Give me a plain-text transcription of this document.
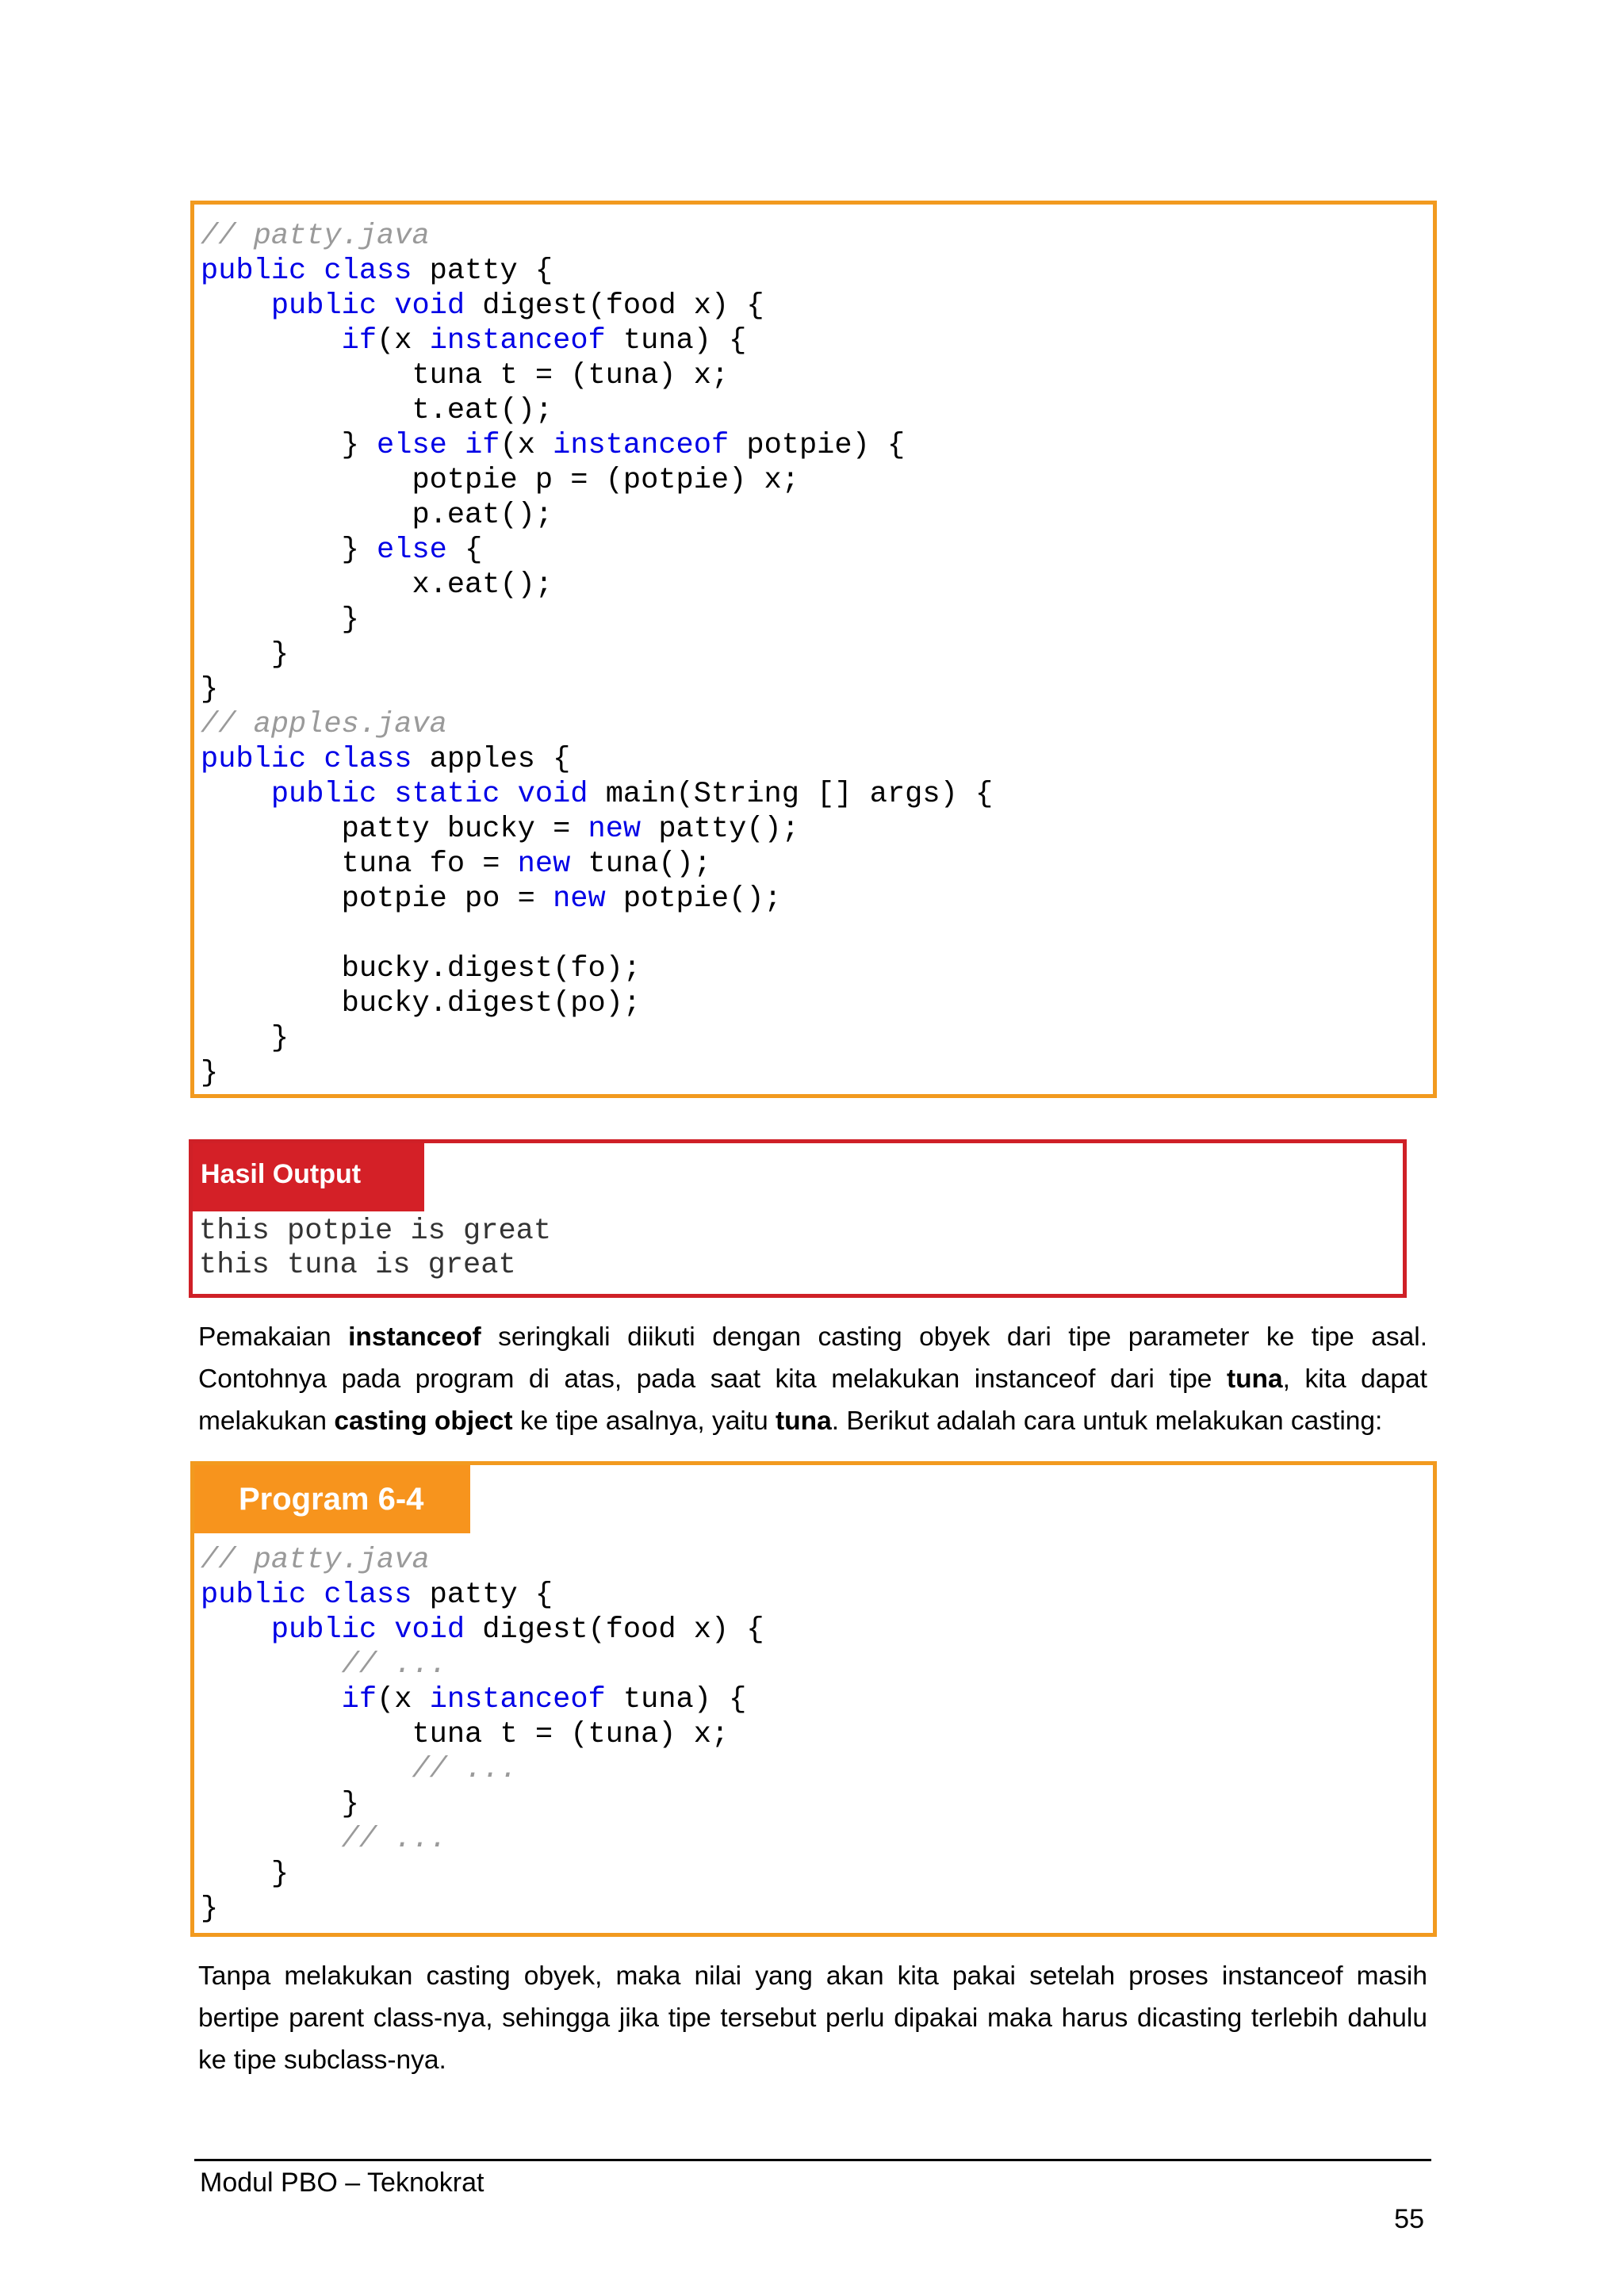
// patty.java
public class patty {
public void digest(food x) {
if(x instanceof tuna) {
tuna t = (tuna) x;
t.eat();
} else if(x instanceof potpie) {
potpie p = (potpie) x;
p.eat();
} else {
x.eat();
}
}
}
// apples.java
public class apples {
public static void main(String [] args) {
patty bucky = new patty();
tuna fo = new tuna();
potpie po = new potpie();
bucky.digest(fo);
bucky.digest(po);
}
}
Hasil Output
this potpie is great
this tuna is great
Pemakaian instanceof seringkali diikuti dengan casting obyek dari tipe parameter ke tipe asal. Contohnya pada program di atas, pada saat kita melakukan instanceof dari tipe tuna, kita dapat melakukan casting object ke tipe asalnya, yaitu tuna. Berikut adalah cara untuk melakukan casting:
Program 6-4
// patty.java
public class patty {
public void digest(food x) {
// ...
if(x instanceof tuna) {
tuna t = (tuna) x;
// ...
}
// ...
}
}
Tanpa melakukan casting obyek, maka nilai yang akan kita pakai setelah proses instanceof masih bertipe parent class-nya, sehingga jika tipe tersebut perlu dipakai maka harus dicasting terlebih dahulu ke tipe subclass-nya.
Modul PBO – Teknokrat
55
